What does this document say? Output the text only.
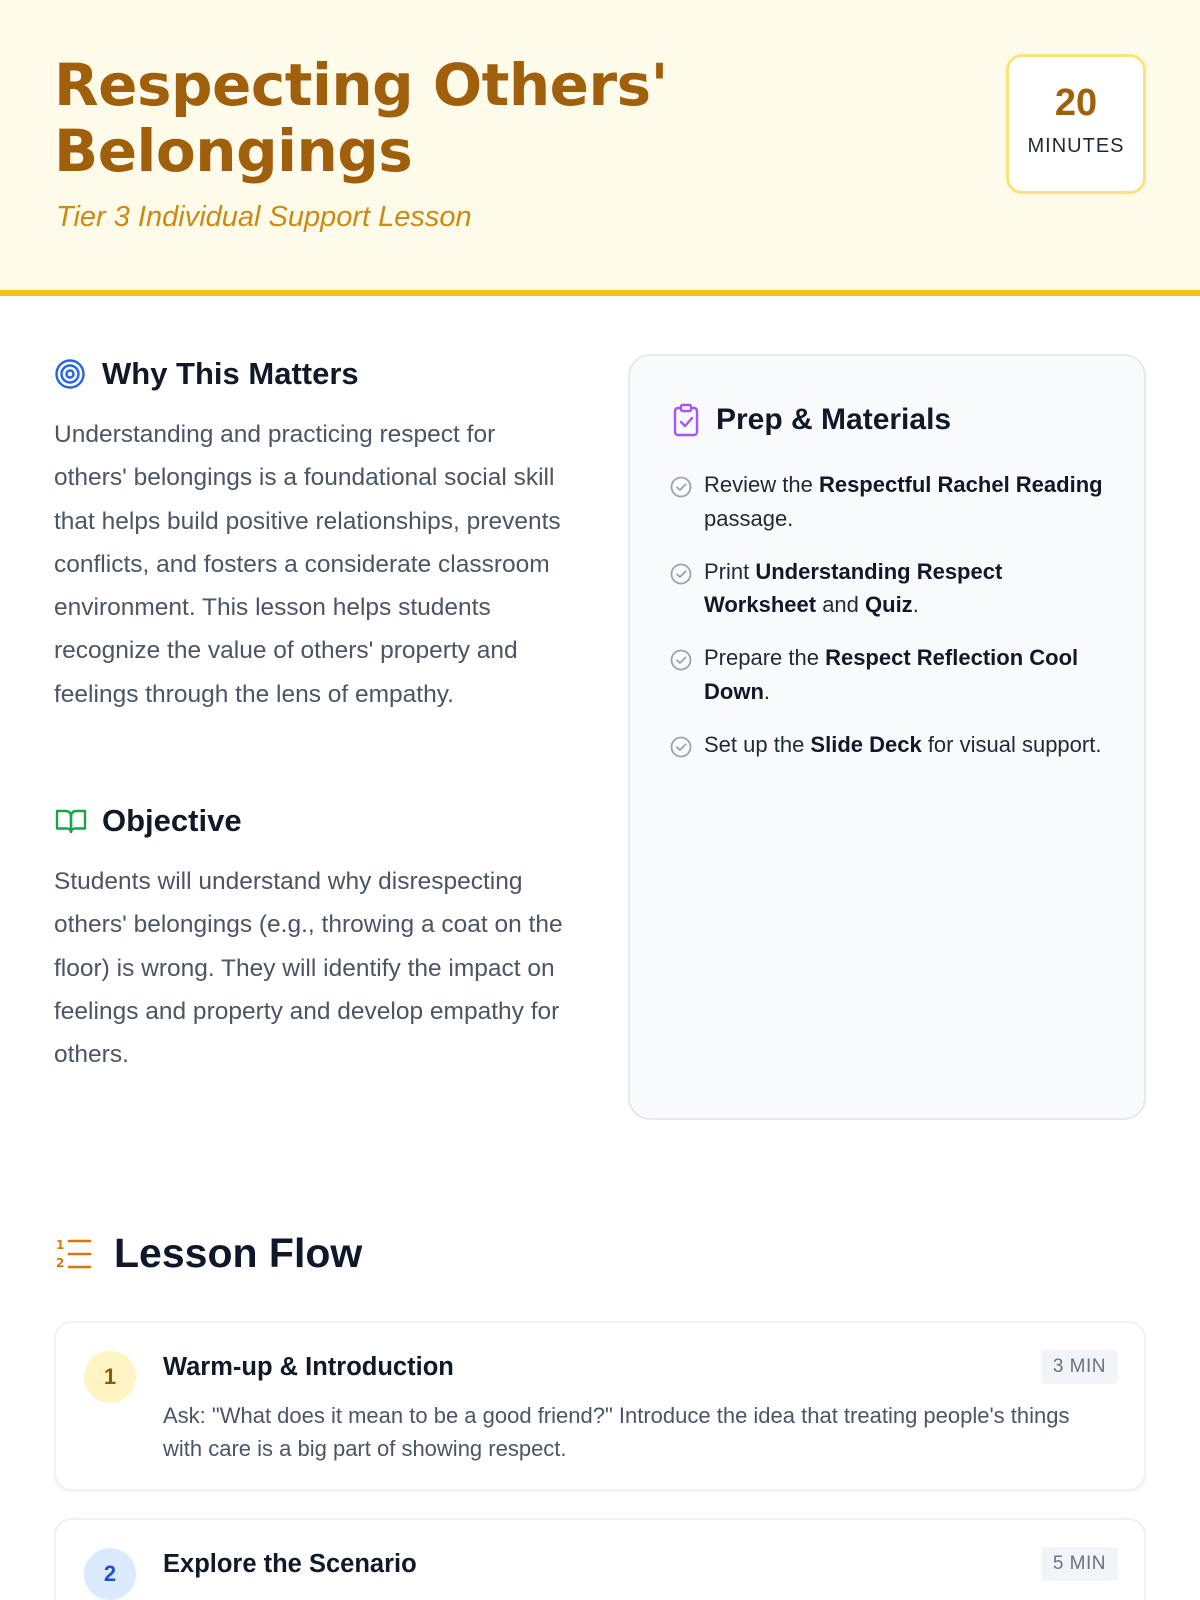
Respecting Others' Belongings
Tier 3 Individual Support Lesson
20
MINUTES
Why This Matters

Understanding and practicing respect for others' belongings is a foundational social skill that helps build positive relationships, prevents conflicts, and fosters a considerate classroom environment. This lesson helps students recognize the value of others' property and feelings through the lens of empathy.

Objective

Students will understand why disrespecting others' belongings (e.g., throwing a coat on the floor) is wrong. They will identify the impact on feelings and property and develop empathy for others.

Prep & Materials
Review the Respectful Rachel Reading passage.
Print Understanding Respect Worksheet and Quiz.
Prepare the Respect Reflection Cool Down.
Set up the Slide Deck for visual support.
1
2 Lesson Flow
1	Warm-up & Introduction	3 MIN

Ask: "What does it mean to be a good friend?" Introduce the idea that treating people's things with care is a big part of showing respect.

2	Explore the Scenario	5 MIN
